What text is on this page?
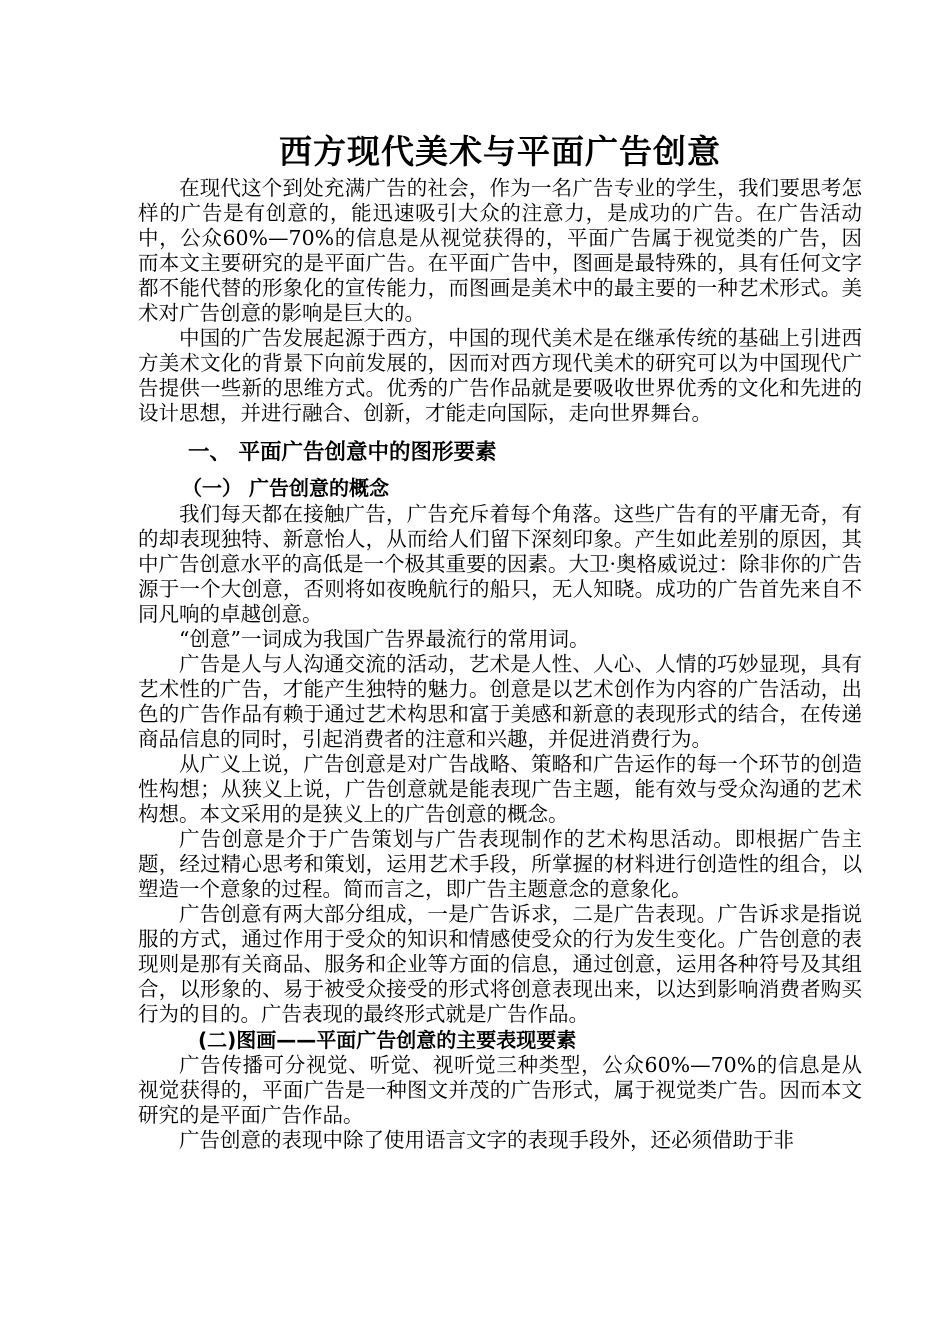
西方现代美术与平面广告创意

在现代这个到处充满广告的社会，作为一名广告专业的学生，我们要思考怎样的广告是有创意的，能迅速吸引大众的注意力，是成功的广告。在广告活动中，公众60%—70%的信息是从视觉获得的，平面广告属于视觉类的广告，因而本文主要研究的是平面广告。在平面广告中，图画是最特殊的，具有任何文字都不能代替的形象化的宣传能力，而图画是美术中的最主要的一种艺术形式。美术对广告创意的影响是巨大的。

中国的广告发展起源于西方，中国的现代美术是在继承传统的基础上引进西方美术文化的背景下向前发展的，因而对西方现代美术的研究可以为中国现代广告提供一些新的思维方式。优秀的广告作品就是要吸收世界优秀的文化和先进的设计思想，并进行融合、创新，才能走向国际，走向世界舞台。

一、 平面广告创意中的图形要素
（一） 广告创意的概念

我们每天都在接触广告，广告充斥着每个角落。这些广告有的平庸无奇，有的却表现独特、新意怡人，从而给人们留下深刻印象。产生如此差别的原因，其中广告创意水平的高低是一个极其重要的因素。大卫·奥格威说过：除非你的广告源于一个大创意，否则将如夜晚航行的船只，无人知晓。成功的广告首先来自不同凡响的卓越创意。

“创意”一词成为我国广告界最流行的常用词。

广告是人与人沟通交流的活动，艺术是人性、人心、人情的巧妙显现，具有艺术性的广告，才能产生独特的魅力。创意是以艺术创作为内容的广告活动，出色的广告作品有赖于通过艺术构思和富于美感和新意的表现形式的结合，在传递商品信息的同时，引起消费者的注意和兴趣，并促进消费行为。

从广义上说，广告创意是对广告战略、策略和广告运作的每一个环节的创造性构想；从狭义上说，广告创意就是能表现广告主题，能有效与受众沟通的艺术构想。本文采用的是狭义上的广告创意的概念。

广告创意是介于广告策划与广告表现制作的艺术构思活动。即根据广告主题，经过精心思考和策划，运用艺术手段，所掌握的材料进行创造性的组合，以塑造一个意象的过程。简而言之，即广告主题意念的意象化。

广告创意有两大部分组成，一是广告诉求，二是广告表现。广告诉求是指说服的方式，通过作用于受众的知识和情感使受众的行为发生变化。广告创意的表现则是那有关商品、服务和企业等方面的信息，通过创意，运用各种符号及其组合，以形象的、易于被受众接受的形式将创意表现出来，以达到影响消费者购买行为的目的。广告表现的最终形式就是广告作品。

(二)图画——平面广告创意的主要表现要素

广告传播可分视觉、听觉、视听觉三种类型，公众60%—70%的信息是从视觉获得的，平面广告是一种图文并茂的广告形式，属于视觉类广告。因而本文研究的是平面广告作品。

广告创意的表现中除了使用语言文字的表现手段外，还必须借助于非
